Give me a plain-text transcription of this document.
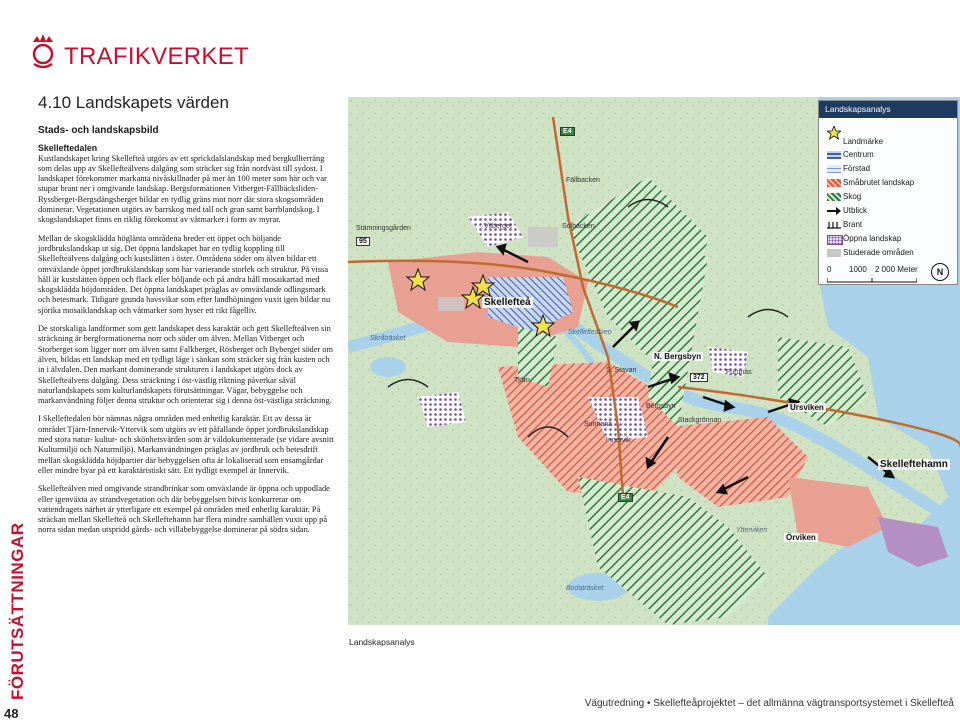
TRAFIKVERKET
FÖRUTSÄTTNINGAR
48
4.10 Landskapets värden
Stads- och landskapsbild
Skelleftedalen

Kustlandskapet kring Skellefteå utgörs av ett sprickdalslandskap med bergkullterräng som delas upp av Skellefteälvens dalgång som sträcker sig från nordväst till sydost. I landskapet förekommer markanta nivåskillnader på mer än 100 meter som här och var stupar brant ner i omgivande landskap. Bergsformationen Vitberget-Fällbäcksliden-Ryssberget-Bergsdängsberget bildar en tydlig gräns mot norr där stora skogsområden dominerar. Vegetationen utgörs av barrskog med tall och gran samt barrblandskog. I skogslandskapet finns en riklig förekomst av våtmarker i form av myrar.

Mellan de skogsklädda höglänta områdena breder ett öppet och böljande jordbrukslandskap ut sig. Det öppna landskapet har en tydlig koppling till Skellefteälvens dalgång och kustslätten i öster. Områdena söder om älven bildar ett omväxlande öppet jordbrukslandskap som har varierande storlek och struktur. På vissa håll är kustslätten öppen och flack eller böljande och på andra håll mosaikartad med skogsklädda höjdområden. Det öppna landskapet präglas av omväxlande odlingsmark och betesmark. Tidigare grunda havsvikar som efter landhöjningen vuxit igen bildar nu sjörika mosaiklandskap och våtmarker som hyser ett rikt fågelliv.

De storskaliga landformer som gett landskapet dess karaktär och gett Skellefteälven sin sträckning är bergformationerna norr och söder om älven. Mellan Vitberget och Storberget som ligger norr om älven samt Falkberget, Rösberget och Byberget söder om älven, bildas ett landskap med ett tydligt läge i sänkan som sträcker sig från kusten och in i älvdalen. Den markant dominerande strukturen i landskapet utgörs dock av Skellefteälvens dalgång. Dess sträckning i öst-västlig riktning påverkar såväl naturlandskapets som kulturlandskapets förutsättningar. Vägar, bebyggelse och markanvändning följer denna struktur och orienterar sig i denna öst-västliga sträckning.

I Skelleftedalen bör nämnas några områden med enhetlig karaktär. Ett av dessa är området Tjärn-Innervik-Yttervik som utgörs av ett påfallande öppet jordbrukslandskap med stora natur- kultur- och skönhetsvärden som är väldokumenterade (se vidare avsnitt Kulturmiljö och Naturmiljö). Markanvändningen präglas av jordbruk och betesdrift mellan skogsklädda höjdpartier där bebyggelsen ofta är lokaliserad som ensamgårdar eller mindre byar på ett karaktäristiskt sätt. Ett tydligt exempel är Innervik.

Skellefteälven med omgivande strandbrinkar som omväxlande är öppna och uppodlade eller igenväxta av strandvegetation och där bebyggelsen bitvis konkurrerar om vattendragets närhet är ytterligare ett exempel på områden med enhetlig karaktär. På sträckan mellan Skellefteå och Skelleftehamn har flera mindre samhällen vuxit upp på norra sidan medan utspridd gårds- och villabebyggelse dominerar på södra sidan.

Skellefteå
Skelleftehamn
Ursviken
Örviken
N. Bergsbyn
Stämningsgården
Fällbacken
Solbacken
Tjärn
Innervik
Sunnanå
Stackgrönnan
Bergsbyn
Furunäs
Skråträsket
Bodaträsket
Vitberget
Skellefteälven
S. Stavan
Ytterviken
E4
E4
95
372
Landskapsanalys
Landmärke
Centrum
Förstad
Småbrutet landskap
Skog
Utblick
Brant
Öppna landskap
Studerade områden
0 1000 2 000 Meter	N
Landskapsanalys
Vägutredning • Skellefteåprojektet – det allmänna vägtransportsystemet i Skellefteå
